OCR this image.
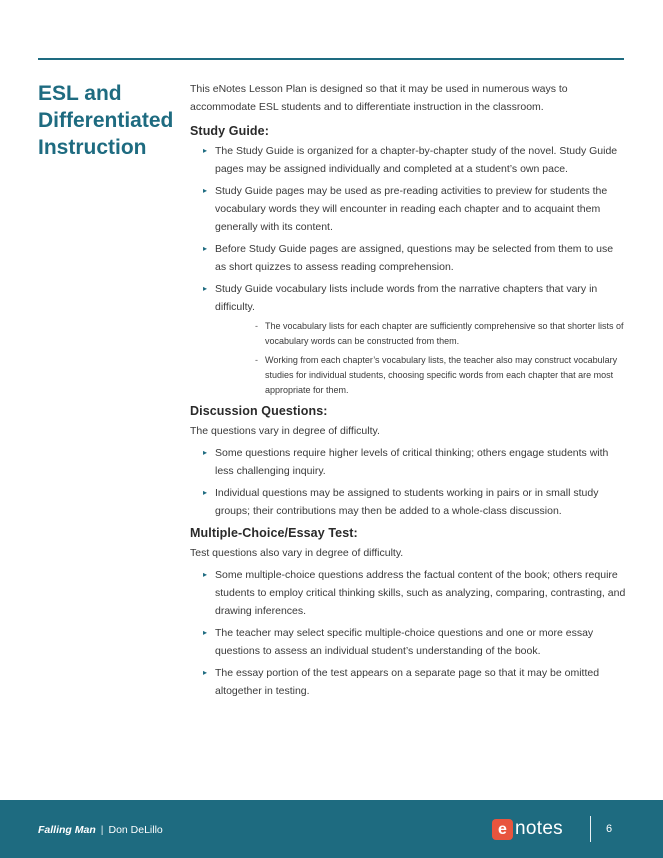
ESL and
Differentiated
Instruction

This eNotes Lesson Plan is designed so that it may be used in numerous ways to accommodate ESL students and to differentiate instruction in the classroom.

Study Guide:
▸ The Study Guide is organized for a chapter-by-chapter study of the novel. Study Guide pages may be assigned individually and completed at a student’s own pace.
▸ Study Guide pages may be used as pre-reading activities to preview for students the vocabulary words they will encounter in reading each chapter and to acquaint them generally with its content.
▸ Before Study Guide pages are assigned, questions may be selected from them to use as short quizzes to assess reading comprehension.
▸ Study Guide vocabulary lists include words from the narrative chapters that vary in difficulty.
- The vocabulary lists for each chapter are sufficiently comprehensive so that shorter lists of vocabulary words can be constructed from them.
- Working from each chapter’s vocabulary lists, the teacher also may construct vocabulary studies for individual students, choosing specific words from each chapter that are most appropriate for them.
Discussion Questions:

The questions vary in degree of difficulty.

▸ Some questions require higher levels of critical thinking; others engage students with less challenging inquiry.
▸ Individual questions may be assigned to students working in pairs or in small study groups; their contributions may then be added to a whole-class discussion.
Multiple-Choice/Essay Test:

Test questions also vary in degree of difficulty.

▸ Some multiple-choice questions address the factual content of the book; others require students to employ critical thinking skills, such as analyzing, comparing, contrasting, and drawing inferences.
▸ The teacher may select specific multiple-choice questions and one or more essay questions to assess an individual student’s understanding of the book.
▸ The essay portion of the test appears on a separate page so that it may be omitted altogether in testing.
Falling Man | Don DeLillo	e notes	6
